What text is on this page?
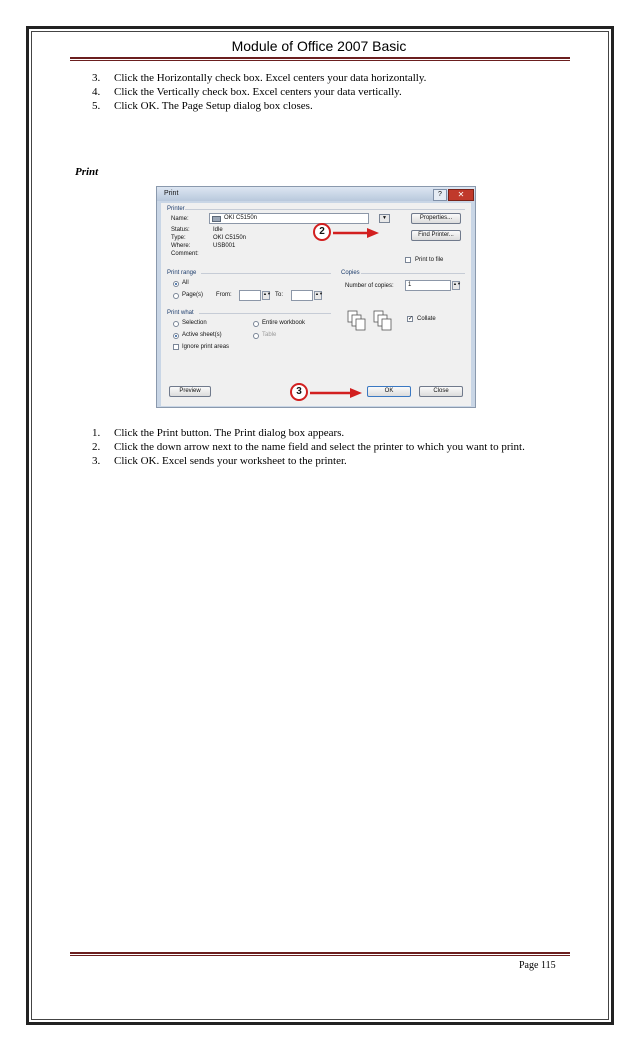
Module of Office 2007 Basic
3. Click the Horizontally check box. Excel centers your data horizontally.
4. Click the Vertically check box. Excel centers your data vertically.
5. Click OK. The Page Setup dialog box closes.
Print
Print	?	✕
Printer
Name:	OKI C5150n	▼
Status:	Idle
Type:	OKI C5150n
Where:	USB001
Comment:
Properties...
Find Printer...
Print to file
Print range
All
Page(s) From:	▲▼ To:	▲▼
Copies
Number of copies:	1	▲▼
✓ Collate
Print what
Selection	Entire workbook
Active sheet(s)	Table
Ignore print areas
Preview	OK	Close
2
3
1. Click the Print button. The Print dialog box appears.
2. Click the down arrow next to the name field and select the printer to which you want to print.
3. Click OK. Excel sends your worksheet to the printer.
Page 115
